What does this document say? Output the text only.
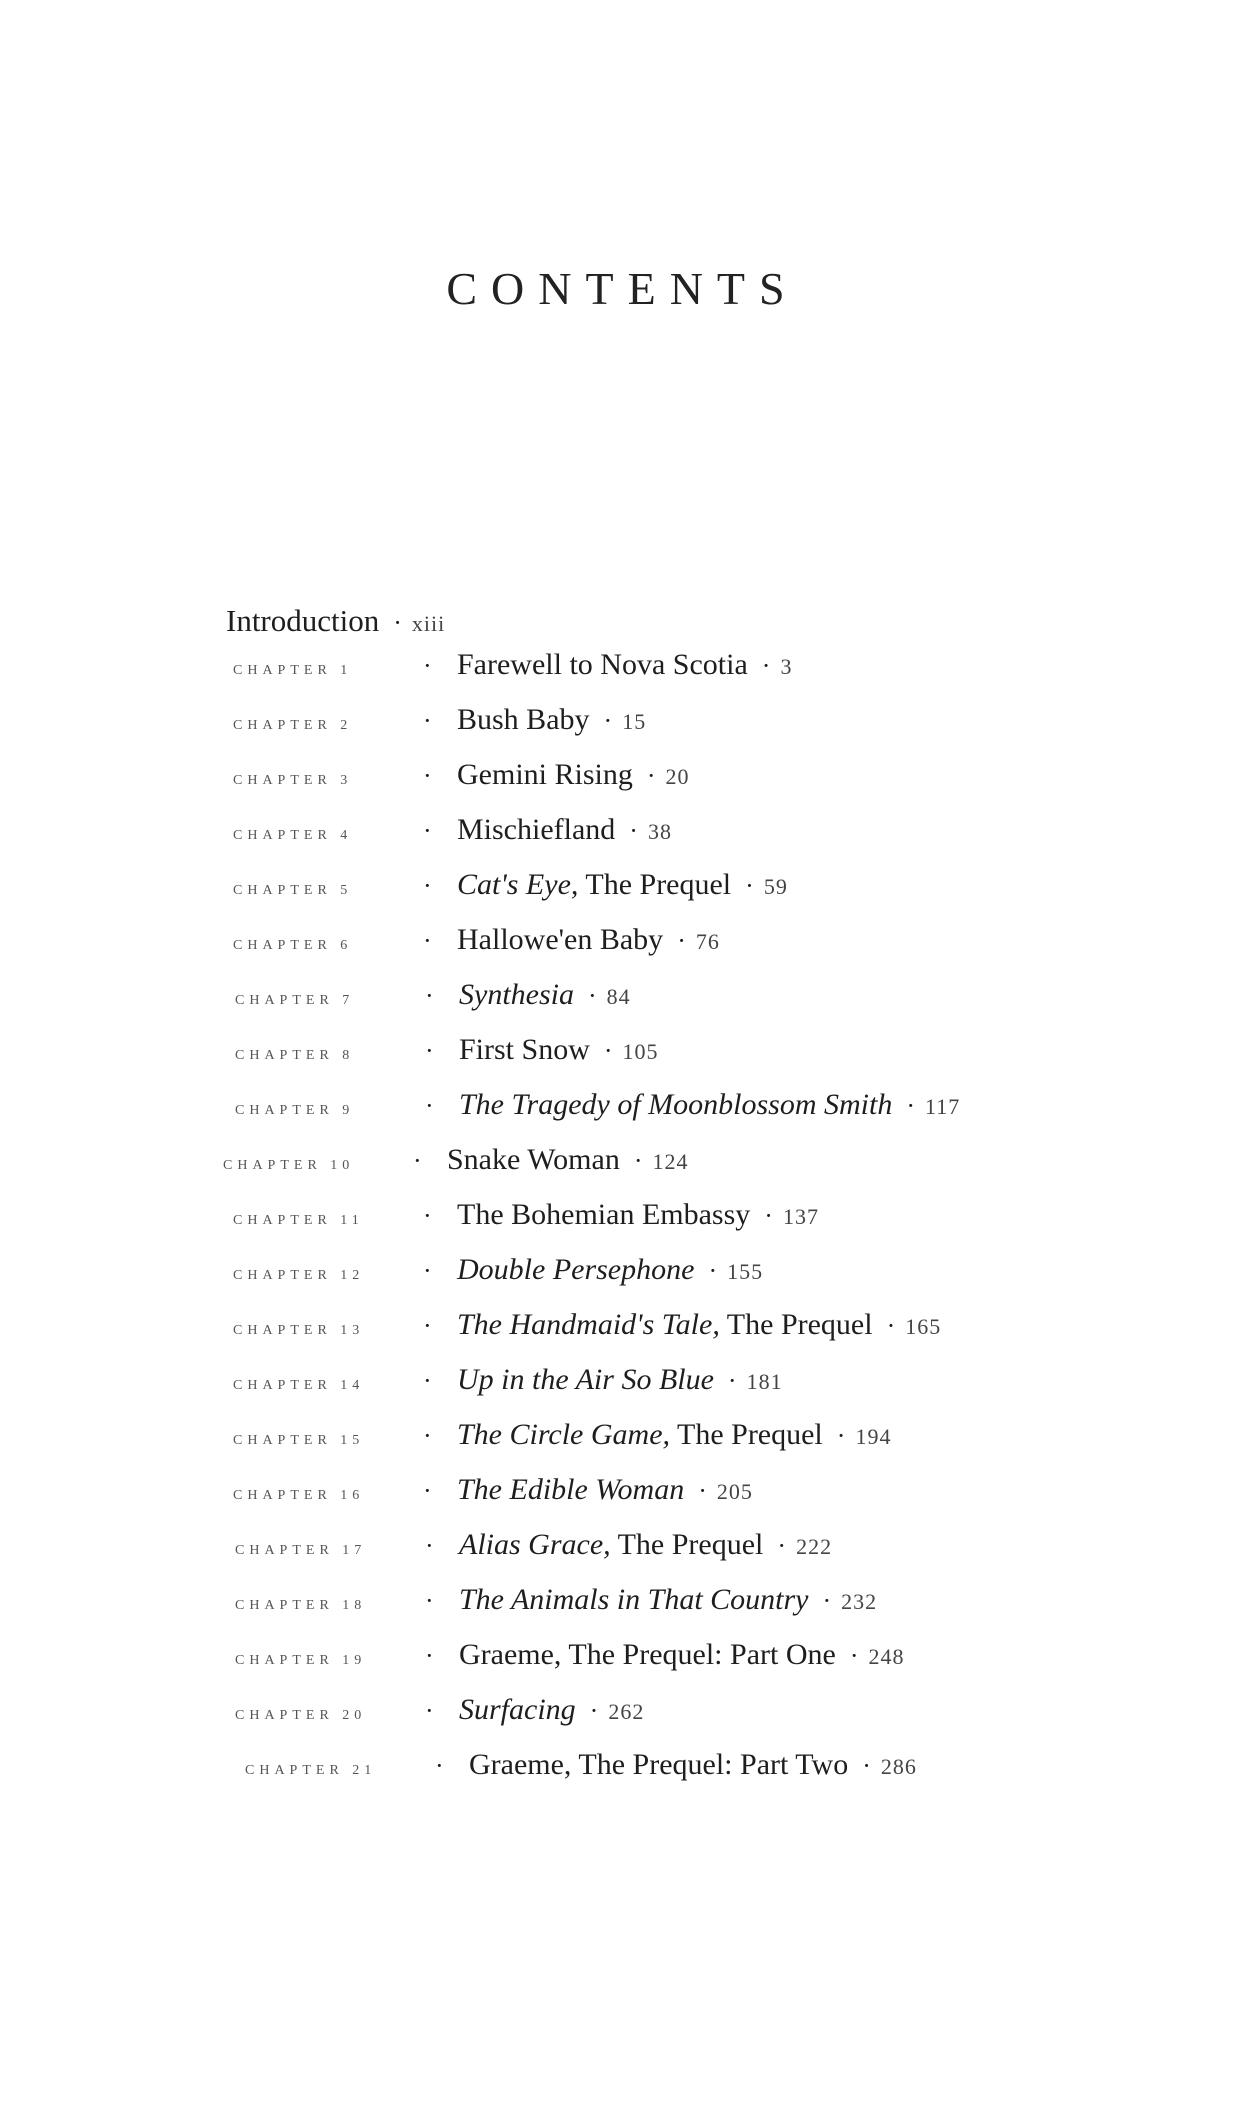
CONTENTS
Introduction · xiii
CHAPTER 1	· Farewell to Nova Scotia · 3
CHAPTER 2	· Bush Baby · 15
CHAPTER 3	· Gemini Rising · 20
CHAPTER 4	· Mischiefland · 38
CHAPTER 5	· Cat's Eye, The Prequel · 59
CHAPTER 6	· Hallowe'en Baby · 76
CHAPTER 7	· Synthesia · 84
CHAPTER 8	· First Snow · 105
CHAPTER 9	· The Tragedy of Moonblossom Smith · 117
CHAPTER 10	· Snake Woman · 124
CHAPTER 11	· The Bohemian Embassy · 137
CHAPTER 12	· Double Persephone · 155
CHAPTER 13	· The Handmaid's Tale, The Prequel · 165
CHAPTER 14	· Up in the Air So Blue · 181
CHAPTER 15	· The Circle Game, The Prequel · 194
CHAPTER 16	· The Edible Woman · 205
CHAPTER 17	· Alias Grace, The Prequel · 222
CHAPTER 18	· The Animals in That Country · 232
CHAPTER 19	· Graeme, The Prequel: Part One · 248
CHAPTER 20	· Surfacing · 262
CHAPTER 21	· Graeme, The Prequel: Part Two · 286
